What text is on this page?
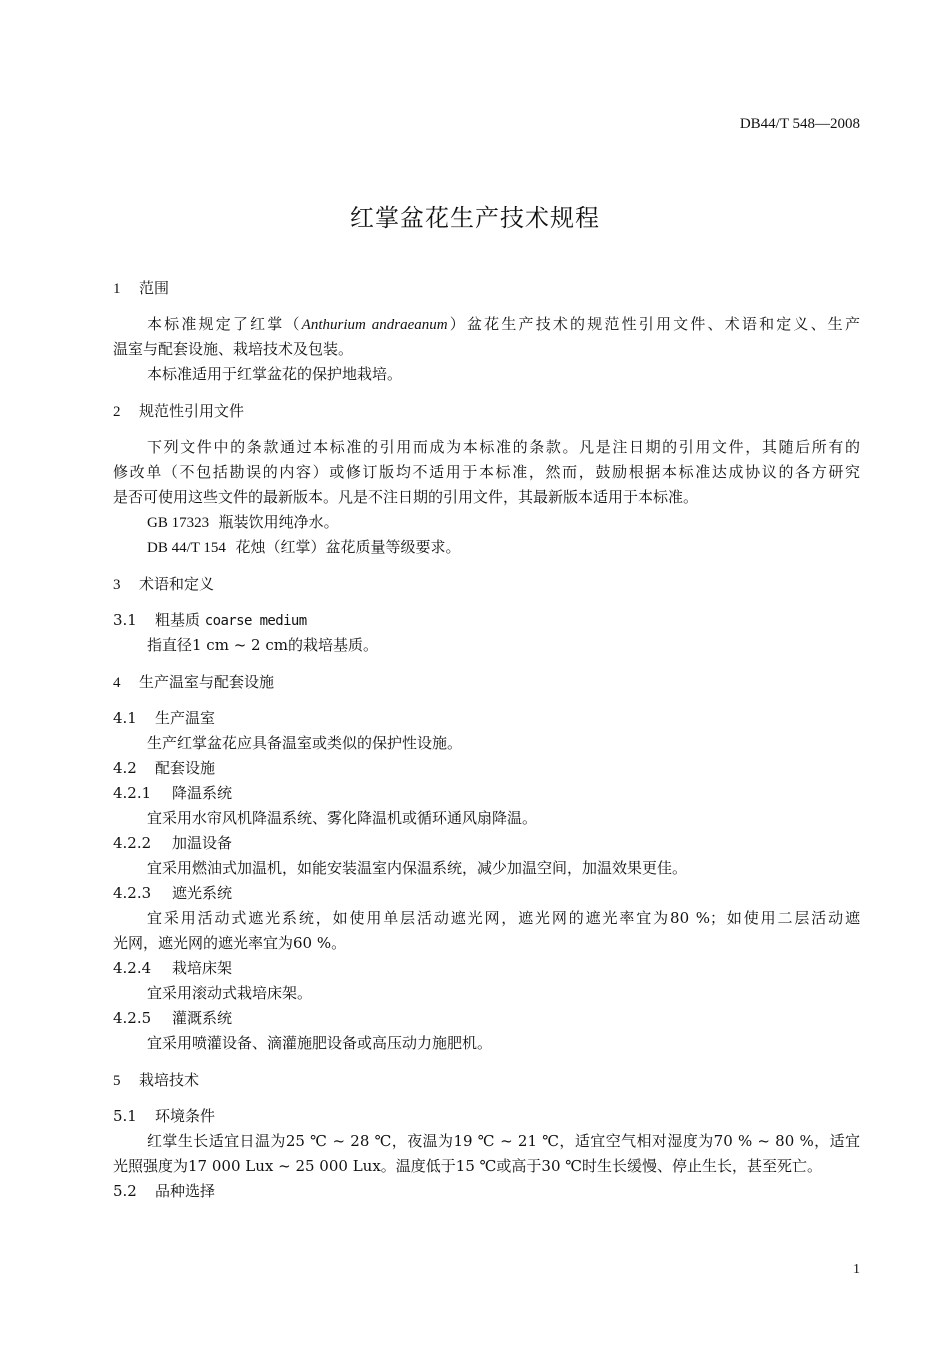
DB44/T 548—2008
红掌盆花生产技术规程
1 范围
本标准规定了红掌（Anthurium andraeanum）盆花生产技术的规范性引用文件、术语和定义、生产
温室与配套设施、栽培技术及包装。
本标准适用于红掌盆花的保护地栽培。
2 规范性引用文件
下列文件中的条款通过本标准的引用而成为本标准的条款。凡是注日期的引用文件，其随后所有的
修改单（不包括勘误的内容）或修订版均不适用于本标准，然而，鼓励根据本标准达成协议的各方研究
是否可使用这些文件的最新版本。凡是不注日期的引用文件，其最新版本适用于本标准。
GB 17323 瓶装饮用纯净水。
DB 44/T 154 花烛（红掌）盆花质量等级要求。
3 术语和定义
3.1 粗基质 coarse medium
指直径1 cm ~ 2 cm的栽培基质。
4 生产温室与配套设施
4.1 生产温室
生产红掌盆花应具备温室或类似的保护性设施。
4.2 配套设施
4.2.1 降温系统
宜采用水帘风机降温系统、雾化降温机或循环通风扇降温。
4.2.2 加温设备
宜采用燃油式加温机，如能安装温室内保温系统，减少加温空间，加温效果更佳。
4.2.3 遮光系统
宜采用活动式遮光系统，如使用单层活动遮光网，遮光网的遮光率宜为80 %；如使用二层活动遮
光网，遮光网的遮光率宜为60 %。
4.2.4 栽培床架
宜采用滚动式栽培床架。
4.2.5 灌溉系统
宜采用喷灌设备、滴灌施肥设备或高压动力施肥机。
5 栽培技术
5.1 环境条件
红掌生长适宜日温为25 ℃ ~ 28 ℃，夜温为19 ℃ ~ 21 ℃，适宜空气相对湿度为70 % ~ 80 %，适宜
光照强度为17 000 Lux ~ 25 000 Lux。温度低于15 ℃或高于30 ℃时生长缓慢、停止生长，甚至死亡。
5.2 品种选择
1
